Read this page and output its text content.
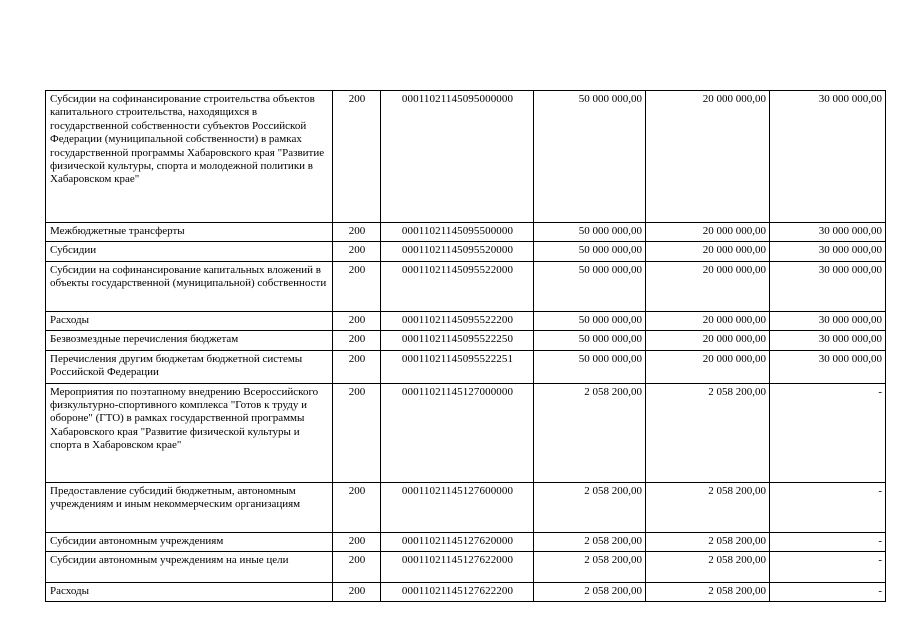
Субсидии на софинансирование строительства объектов капитального строительства, находящихся в государственной собственности субъектов Российской Федерации (муниципальной собственности) в рамках государственной программы Хабаровского края "Развитие физической культуры, спорта и молодежной политики в Хабаровском крае"	200	00011021145095000000	50 000 000,00	20 000 000,00	30 000 000,00
Межбюджетные трансферты	200	00011021145095500000	50 000 000,00	20 000 000,00	30 000 000,00
Субсидии	200	00011021145095520000	50 000 000,00	20 000 000,00	30 000 000,00
Субсидии на софинансирование капитальных вложений в объекты государственной (муниципальной) собственности	200	00011021145095522000	50 000 000,00	20 000 000,00	30 000 000,00
Расходы	200	00011021145095522200	50 000 000,00	20 000 000,00	30 000 000,00
Безвозмездные перечисления бюджетам	200	00011021145095522250	50 000 000,00	20 000 000,00	30 000 000,00
Перечисления другим бюджетам бюджетной системы Российской Федерации	200	00011021145095522251	50 000 000,00	20 000 000,00	30 000 000,00
Мероприятия по поэтапному внедрению Всероссийского физкультурно-спортивного комплекса "Готов к труду и обороне" (ГТО) в рамках государственной программы Хабаровского края "Развитие физической культуры и спорта в Хабаровском крае"	200	00011021145127000000	2 058 200,00	2 058 200,00	-
Предоставление субсидий бюджетным, автономным учреждениям и иным некоммерческим организациям	200	00011021145127600000	2 058 200,00	2 058 200,00	-
Субсидии автономным учреждениям	200	00011021145127620000	2 058 200,00	2 058 200,00	-
Субсидии автономным учреждениям на иные цели	200	00011021145127622000	2 058 200,00	2 058 200,00	-
Расходы	200	00011021145127622200	2 058 200,00	2 058 200,00	-
